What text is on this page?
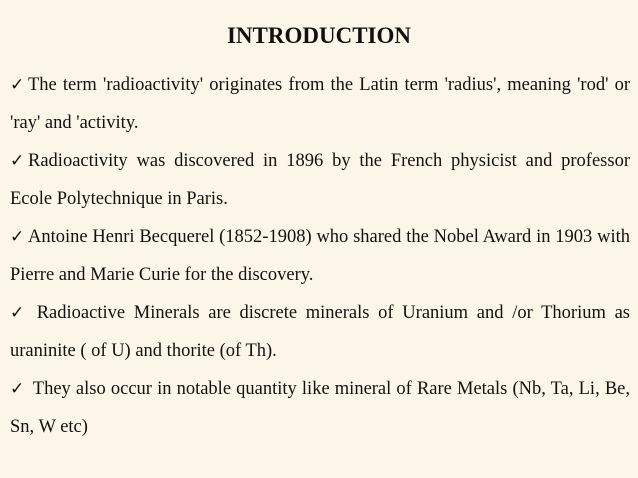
INTRODUCTION

✓ The term 'radioactivity' originates from the Latin term 'radius', meaning 'rod' or 'ray' and 'activity.

✓ Radioactivity was discovered in 1896 by the French physicist and professor Ecole Polytechnique in Paris.

✓ Antoine Henri Becquerel (1852-1908) who shared the Nobel Award in 1903 with Pierre and Marie Curie for the discovery.

✓ Radioactive Minerals are discrete minerals of Uranium and /or Thorium as uraninite ( of U) and thorite (of Th).

✓ They also occur in notable quantity like mineral of Rare Metals (Nb, Ta, Li, Be, Sn, W etc)
